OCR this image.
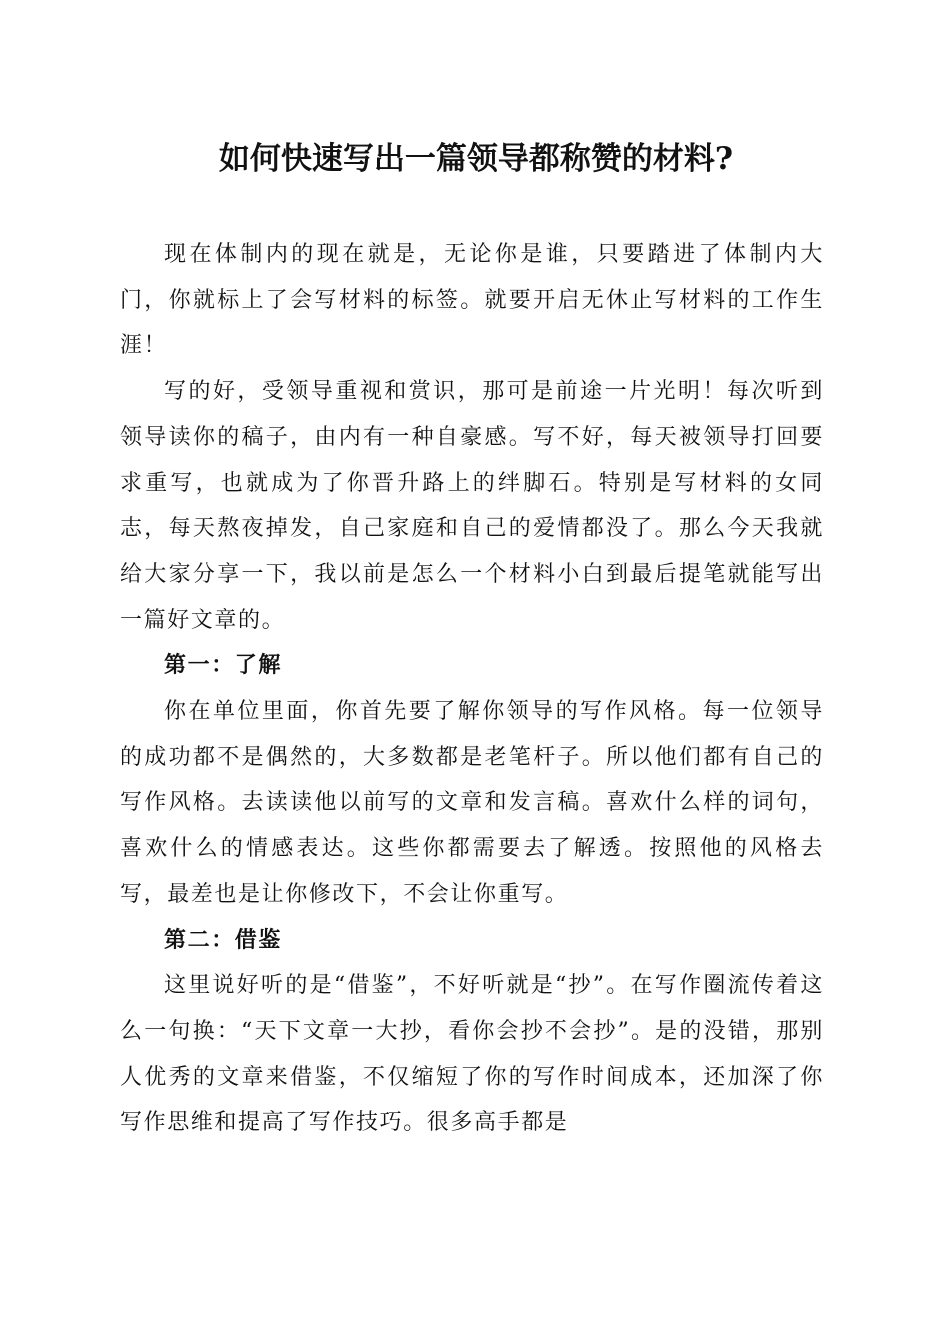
如何快速写出一篇领导都称赞的材料?

现在体制内的现在就是，无论你是谁，只要踏进了体制内大门，你就标上了会写材料的标签。就要开启无休止写材料的工作生涯！

写的好，受领导重视和赏识，那可是前途一片光明！每次听到领导读你的稿子，由内有一种自豪感。写不好，每天被领导打回要求重写，也就成为了你晋升路上的绊脚石。特别是写材料的女同志，每天熬夜掉发，自己家庭和自己的爱情都没了。那么今天我就给大家分享一下，我以前是怎么一个材料小白到最后提笔就能写出一篇好文章的。

第一：了解

你在单位里面，你首先要了解你领导的写作风格。每一位领导的成功都不是偶然的，大多数都是老笔杆子。所以他们都有自己的写作风格。去读读他以前写的文章和发言稿。喜欢什么样的词句，喜欢什么的情感表达。这些你都需要去了解透。按照他的风格去写，最差也是让你修改下，不会让你重写。

第二：借鉴

这里说好听的是“借鉴”，不好听就是“抄”。在写作圈流传着这么一句换：“天下文章一大抄，看你会抄不会抄”。是的没错，那别人优秀的文章来借鉴，不仅缩短了你的写作时间成本，还加深了你写作思维和提高了写作技巧。很多高手都是
